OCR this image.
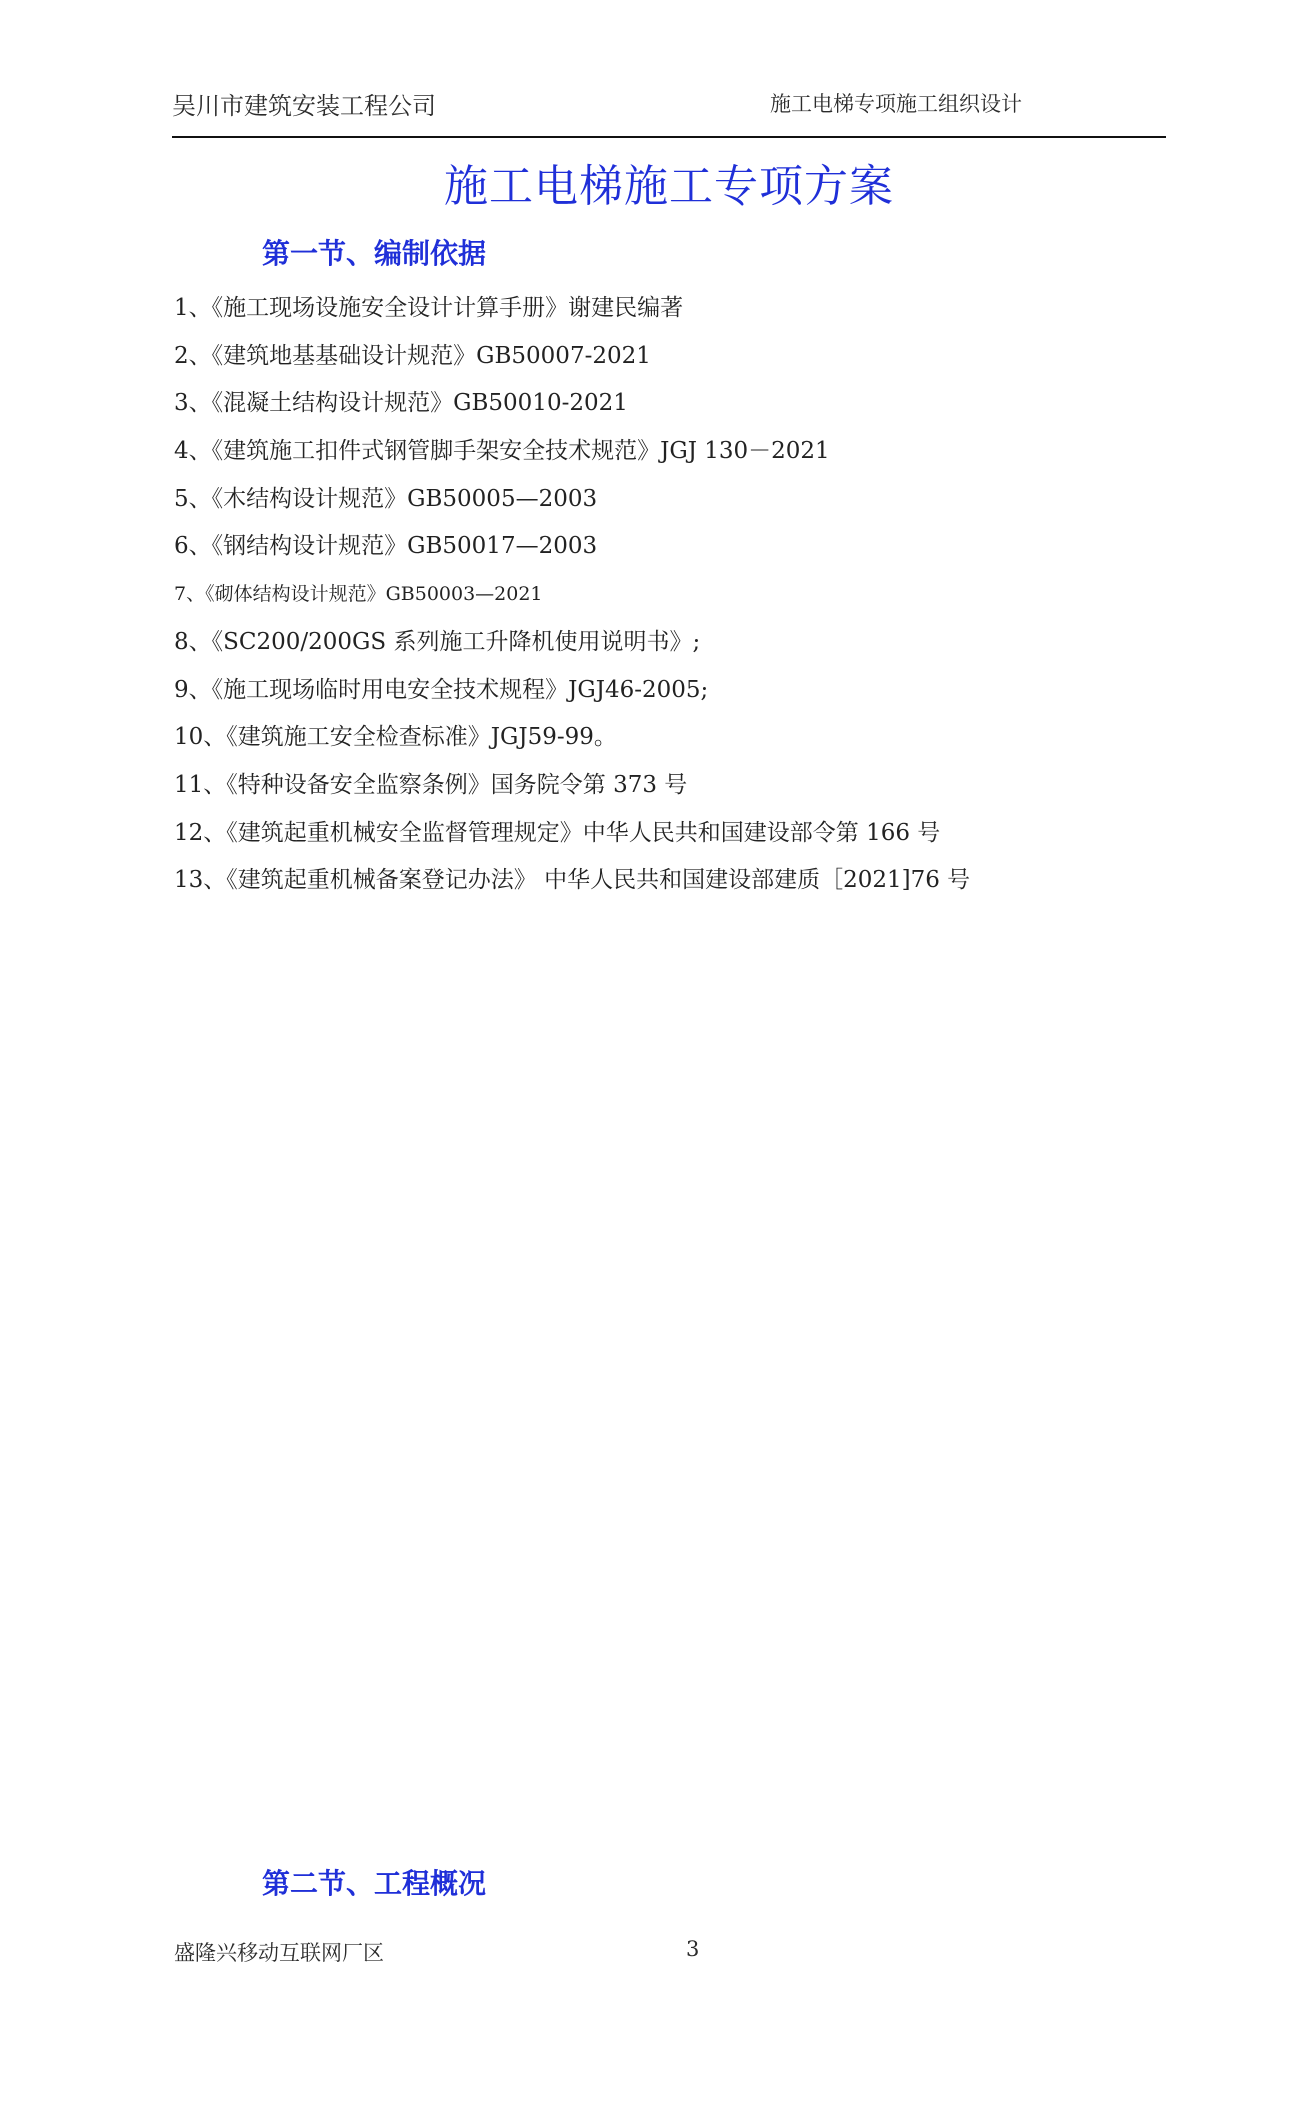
吴川市建筑安装工程公司	施工电梯专项施工组织设计
施工电梯施工专项方案
第一节、编制依据
1、《施工现场设施安全设计计算手册》谢建民编著
2、《建筑地基基础设计规范》GB50007-2021
3、《混凝土结构设计规范》GB50010-2021
4、《建筑施工扣件式钢管脚手架安全技术规范》JGJ 130－2021
5、《木结构设计规范》GB50005—2003
6、《钢结构设计规范》GB50017—2003
7、《砌体结构设计规范》GB50003—2021
8、《SC200/200GS 系列施工升降机使用说明书》;
9、《施工现场临时用电安全技术规程》JGJ46-2005;
10、《建筑施工安全检查标准》JGJ59-99。
11、《特种设备安全监察条例》国务院令第 373 号
12、《建筑起重机械安全监督管理规定》中华人民共和国建设部令第 166 号
13、《建筑起重机械备案登记办法》 中华人民共和国建设部建质［2021]76 号
第二节、工程概况
盛隆兴移动互联网厂区	3
